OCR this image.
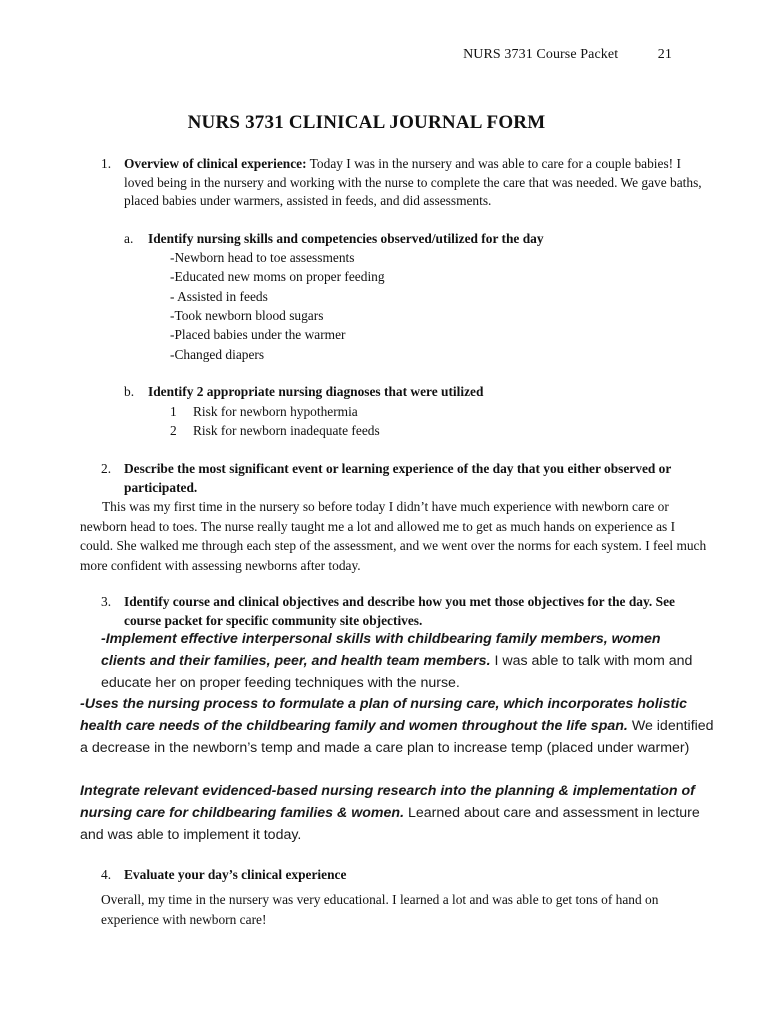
NURS 3731 Course Packet	21
NURS 3731 CLINICAL JOURNAL FORM
1. Overview of clinical experience: Today I was in the nursery and was able to care for a couple babies! I loved being in the nursery and working with the nurse to complete the care that was needed. We gave baths, placed babies under warmers, assisted in feeds, and did assessments.
a. Identify nursing skills and competencies observed/utilized for the day
-Newborn head to toe assessments
-Educated new moms on proper feeding
- Assisted in feeds
-Took newborn blood sugars
-Placed babies under the warmer
-Changed diapers
b. Identify 2 appropriate nursing diagnoses that were utilized
1 Risk for newborn hypothermia
2 Risk for newborn inadequate feeds
2. Describe the most significant event or learning experience of the day that you either observed or participated.
This was my first time in the nursery so before today I didn’t have much experience with newborn care or newborn head to toes. The nurse really taught me a lot and allowed me to get as much hands on experience as I could. She walked me through each step of the assessment, and we went over the norms for each system. I feel much more confident with assessing newborns after today.
3. Identify course and clinical objectives and describe how you met those objectives for the day. See course packet for specific community site objectives.
-Implement effective interpersonal skills with childbearing family members, women clients and their families, peer, and health team members. I was able to talk with mom and educate her on proper feeding techniques with the nurse.
-Uses the nursing process to formulate a plan of nursing care, which incorporates holistic health care needs of the childbearing family and women throughout the life span. We identified a decrease in the newborn’s temp and made a care plan to increase temp (placed under warmer)
Integrate relevant evidenced-based nursing research into the planning & implementation of nursing care for childbearing families & women. Learned about care and assessment in lecture and was able to implement it today.
4. Evaluate your day’s clinical experience
Overall, my time in the nursery was very educational. I learned a lot and was able to get tons of hand on experience with newborn care!
